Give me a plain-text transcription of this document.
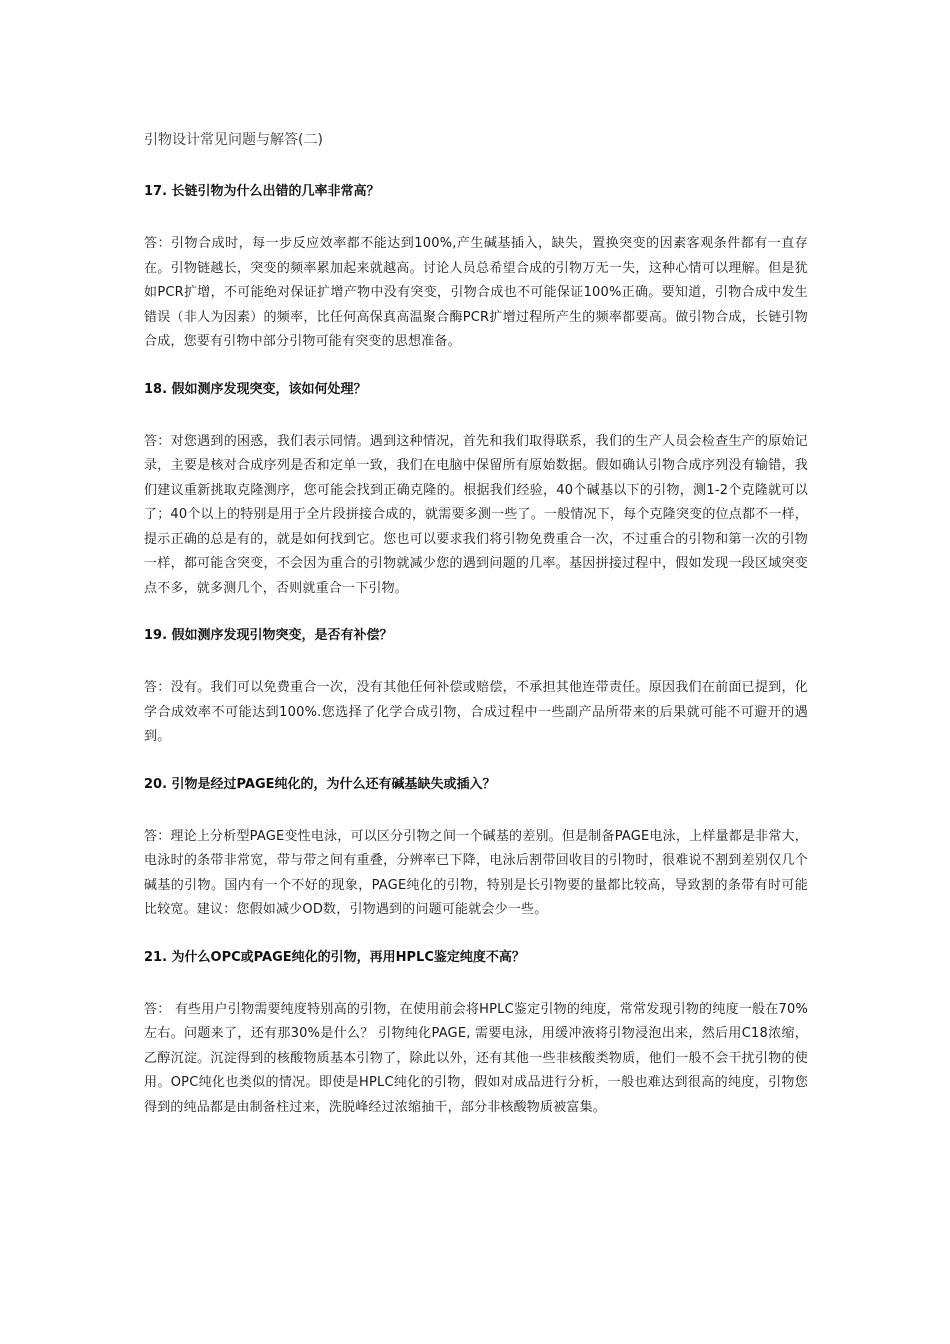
引物设计常见问题与解答(二)

17. 长链引物为什么出错的几率非常高？

答：引物合成时，每一步反应效率都不能达到100%,产生碱基插入，缺失，置换突变的因素客观条件都有一直存在。引物链越长，突变的频率累加起来就越高。讨论人员总希望合成的引物万无一失，这种心情可以理解。但是犹如PCR扩增，不可能绝对保证扩增产物中没有突变，引物合成也不可能保证100%正确。要知道，引物合成中发生错误（非人为因素）的频率，比任何高保真高温聚合酶PCR扩增过程所产生的频率都要高。做引物合成，长链引物合成，您要有引物中部分引物可能有突变的思想准备。

18. 假如测序发现突变，该如何处理？

答：对您遇到的困惑，我们表示同情。遇到这种情况，首先和我们取得联系，我们的生产人员会检查生产的原始记录，主要是核对合成序列是否和定单一致，我们在电脑中保留所有原始数据。假如确认引物合成序列没有输错，我们建议重新挑取克隆测序，您可能会找到正确克隆的。根据我们经验，40个碱基以下的引物，测1-2个克隆就可以了；40个以上的特别是用于全片段拼接合成的，就需要多测一些了。一般情况下，每个克隆突变的位点都不一样，提示正确的总是有的，就是如何找到它。您也可以要求我们将引物免费重合一次，不过重合的引物和第一次的引物一样，都可能含突变，不会因为重合的引物就减少您的遇到问题的几率。基因拼接过程中，假如发现一段区域突变点不多，就多测几个，否则就重合一下引物。

19. 假如测序发现引物突变，是否有补偿？

答：没有。我们可以免费重合一次，没有其他任何补偿或赔偿，不承担其他连带责任。原因我们在前面已提到，化学合成效率不可能达到100%.您选择了化学合成引物，合成过程中一些副产品所带来的后果就可能不可避开的遇到。

20. 引物是经过PAGE纯化的，为什么还有碱基缺失或插入？

答：理论上分析型PAGE变性电泳，可以区分引物之间一个碱基的差别。但是制备PAGE电泳，上样量都是非常大，电泳时的条带非常宽，带与带之间有重叠，分辨率已下降，电泳后割带回收目的引物时，很难说不割到差别仅几个碱基的引物。国内有一个不好的现象，PAGE纯化的引物，特别是长引物要的量都比较高，导致割的条带有时可能比较宽。建议：您假如减少OD数，引物遇到的问题可能就会少一些。

21. 为什么OPC或PAGE纯化的引物，再用HPLC鉴定纯度不高？

答： 有些用户引物需要纯度特别高的引物，在使用前会将HPLC鉴定引物的纯度，常常发现引物的纯度一般在70%左右。问题来了，还有那30%是什么？ 引物纯化PAGE, 需要电泳，用缓冲液将引物浸泡出来，然后用C18浓缩，乙醇沉淀。沉淀得到的核酸物质基本引物了，除此以外，还有其他一些非核酸类物质，他们一般不会干扰引物的使用。OPC纯化也类似的情况。即使是HPLC纯化的引物，假如对成品进行分析，一般也难达到很高的纯度，引物您得到的纯品都是由制备柱过来，洗脱峰经过浓缩抽干，部分非核酸物质被富集。
